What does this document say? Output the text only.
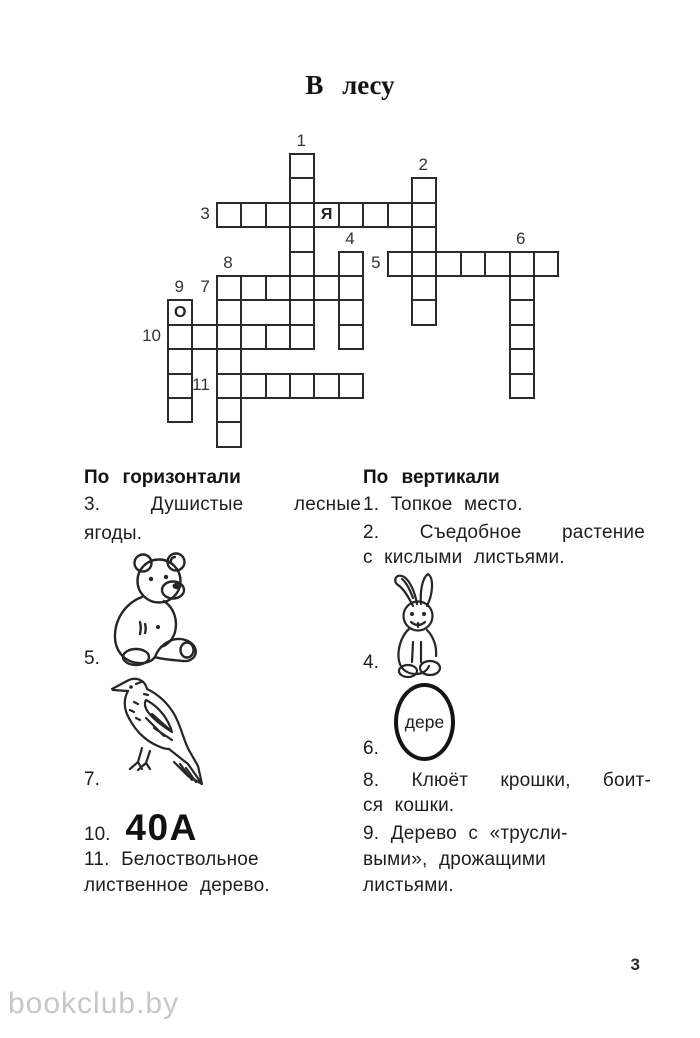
В лесу
1
2
3
4
5
6
7
8
9
10
11
Я
О
По горизонтали
3. Душистые лесные
ягоды.
5.
7.
10. 40А
11. Белоствольное
лиственное дерево.
По вертикали
1. Топкое место.
2. Съедобное растение
с кислыми листьями.
4.
дере
6.
8. Клюёт крошки, боит-
ся кошки.
9. Дерево с «трусли-
выми», дрожащими
листьями.
3
bookclub.by
